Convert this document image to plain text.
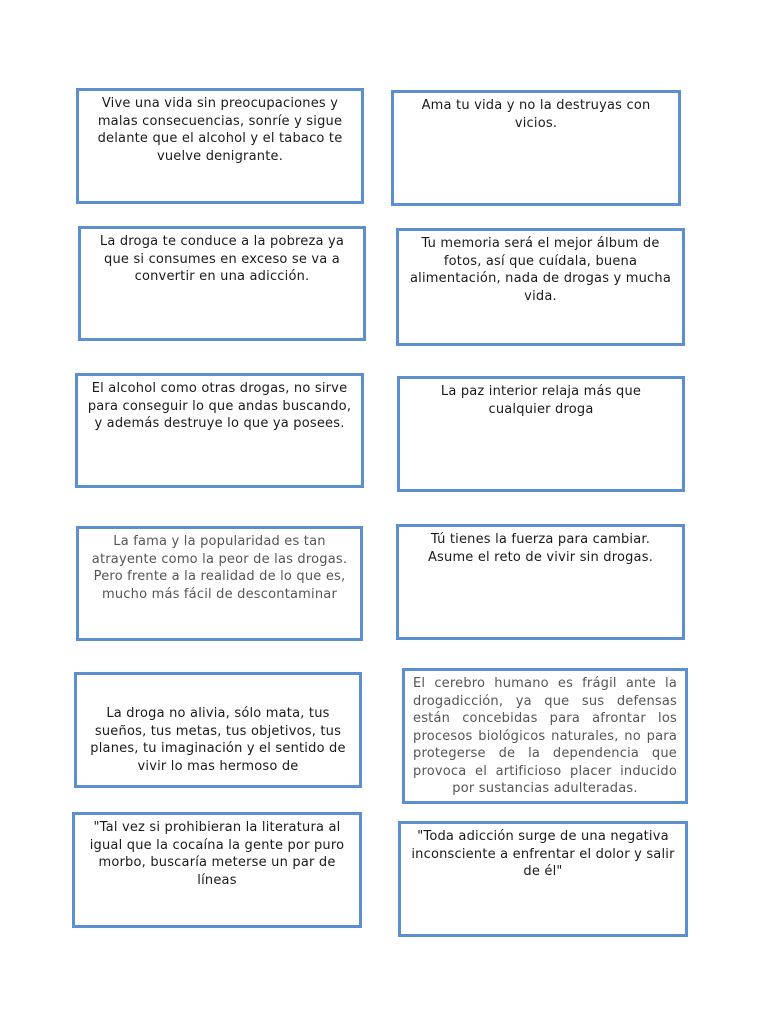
Vive una vida sin preocupaciones y malas consecuencias, sonríe y sigue delante que el alcohol y el tabaco te vuelve denigrante.

Ama tu vida y no la destruyas con vicios.

La droga te conduce a la pobreza ya que si consumes en exceso se va a convertir en una adicción.

Tu memoria será el mejor álbum de fotos, así que cuídala, buena alimentación, nada de drogas y mucha vida.

El alcohol como otras drogas, no sirve para conseguir lo que andas buscando, y además destruye lo que ya posees.

La paz interior relaja más que cualquier droga

La fama y la popularidad es tan atrayente como la peor de las drogas. Pero frente a la realidad de lo que es, mucho más fácil de descontaminar

Tú tienes la fuerza para cambiar. Asume el reto de vivir sin drogas.

La droga no alivia, sólo mata, tus sueños, tus metas, tus objetivos, tus planes, tu imaginación y el sentido de vivir lo mas hermoso de

El cerebro humano es frágil ante la drogadicción, ya que sus defensas están concebidas para afrontar los procesos biológicos naturales, no para protegerse de la dependencia que provoca el artificioso placer inducido por sustancias adulteradas.

"Tal vez si prohibieran la literatura al igual que la cocaína la gente por puro morbo, buscaría meterse un par de líneas

"Toda adicción surge de una negativa inconsciente a enfrentar el dolor y salir de él"
